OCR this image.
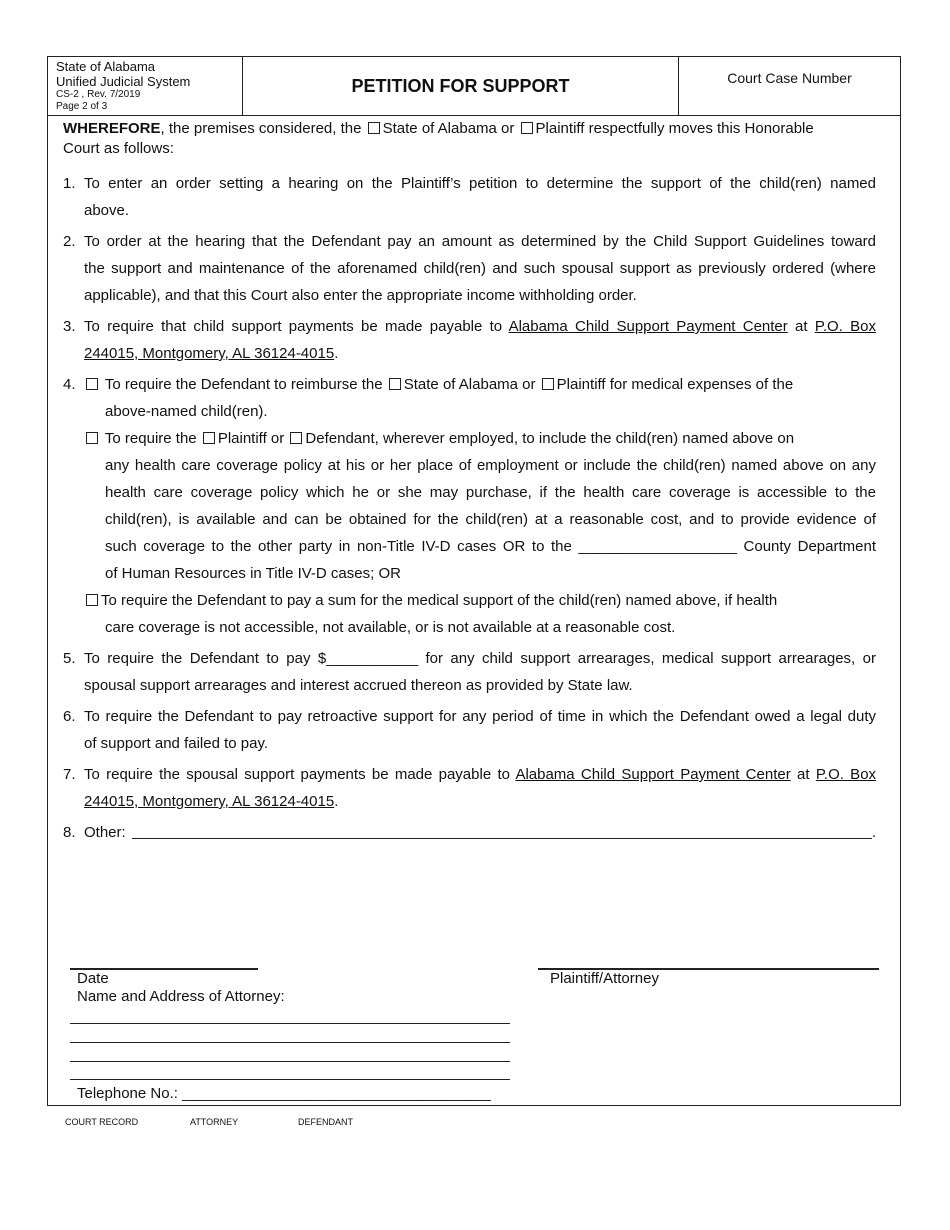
State of Alabama
Unified Judicial System
CS-2 , Rev. 7/2019
Page 2 of 3
PETITION FOR SUPPORT	Court Case Number
WHEREFORE, the premises considered, the State of Alabama or Plaintiff respectfully moves this Honorable
Court as follows:
1. To enter an order setting a hearing on the Plaintiff’s petition to determine the support of the child(ren) named
above.
2. To order at the hearing that the Defendant pay an amount as determined by the Child Support Guidelines toward
the support and maintenance of the aforenamed child(ren) and such spousal support as previously ordered (where
applicable), and that this Court also enter the appropriate income withholding order.
3. To require that child support payments be made payable to Alabama Child Support Payment Center at P.O. Box
244015, Montgomery, AL 36124-4015.
4.	To require the Defendant to reimburse the State of Alabama or Plaintiff for medical expenses of the
above-named child(ren).
To require the Plaintiff or Defendant, wherever employed, to include the child(ren) named above on
any health care coverage policy at his or her place of employment or include the child(ren) named above on any
health care coverage policy which he or she may purchase, if the health care coverage is accessible to the
child(ren), is available and can be obtained for the child(ren) at a reasonable cost, and to provide evidence of
such coverage to the other party in non-Title IV-D cases OR to the ___________________ County Department
of Human Resources in Title IV-D cases; OR
To require the Defendant to pay a sum for the medical support of the child(ren) named above, if health
care coverage is not accessible, not available, or is not available at a reasonable cost.
5. To require the Defendant to pay $___________ for any child support arrearages, medical support arrearages, or
spousal support arrearages and interest accrued thereon as provided by State law.
6. To require the Defendant to pay retroactive support for any period of time in which the Defendant owed a legal duty
of support and failed to pay.
7. To require the spousal support payments be made payable to Alabama Child Support Payment Center at P.O. Box
244015, Montgomery, AL 36124-4015.
8. Other:	.
Date	Plaintiff/Attorney
Name and Address of Attorney:
Telephone No.: _____________________________________
COURT RECORD	ATTORNEY	DEFENDANT
